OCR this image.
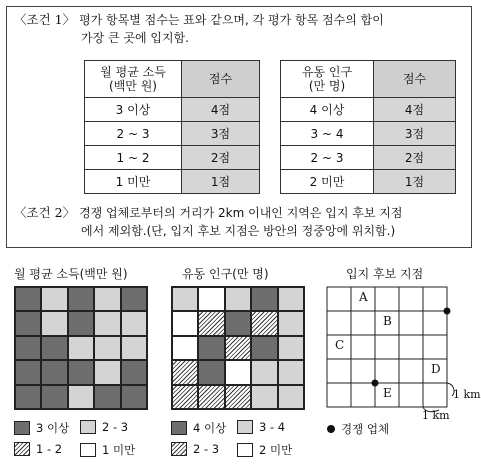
〈조건 1〉 평가 항목별 점수는 표와 같으며, 각 평가 항목 점수의 합이
가장 큰 곳에 입지함.
월 평균 소득
(백만 원)	점수
3 이상	4점
2 ~ 3	3점
1 ~ 2	2점
1 미만	1점
유동 인구
(만 명)	점수
4 이상	4점
3 ~ 4	3점
2 ~ 3	2점
2 미만	1점
〈조건 2〉 경쟁 업체로부터의 거리가 2km 이내인 지역은 입지 후보 지점
에서 제외함.(단, 입지 후보 지점은 방안의 정중앙에 위치함.)
월 평균 소득(백만 원)	유동 인구(만 명)	입지 후보 지점
A
B
C
D
E	1 km
1 km
3 이상	2 - 3
1 - 2	1 미만
4 이상	3 - 4
2 - 3	2 미만
경쟁 업체
